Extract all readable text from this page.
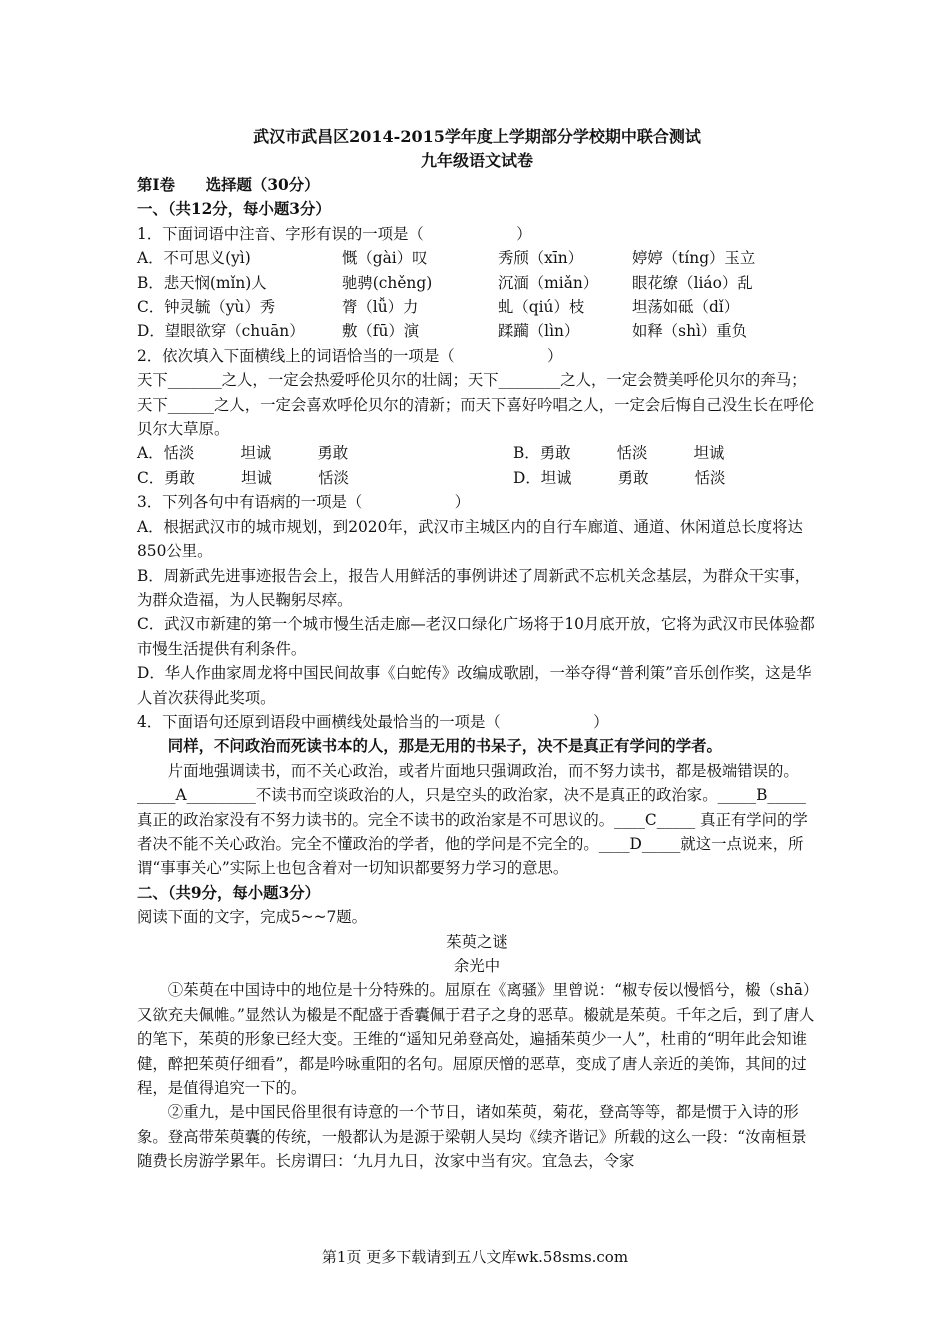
武汉市武昌区2014-2015学年度上学期部分学校期中联合测试
九年级语文试卷

第Ⅰ卷　　选择题（30分）

一、（共12分，每小题3分）

1．下面词语中注音、字形有误的一项是（　　　　　　）

A．不可思义(yì)	慨（gài）叹	秀颀（xīn）	婷婷（tíng）玉立
B．悲天悯(mǐn)人	驰骋(chěng)	沉湎（miǎn）	眼花缭（liáo）乱
C．钟灵毓（yù）秀	膂（lǚ）力	虬（qiú）枝	坦荡如砥（dǐ）
D．望眼欲穿（chuān）	敷（fū）演	蹂躏（lìn）	如释（shì）重负

2．依次填入下面横线上的词语恰当的一项是（　　　　　　）

天下_______之人，一定会热爱呼伦贝尔的壮阔；天下________之人，一定会赞美呼伦贝尔的奔马；天下______之人，一定会喜欢呼伦贝尔的清新；而天下喜好吟唱之人，一定会后悔自己没生长在呼伦贝尔大草原。

A．恬淡　　　坦诚　　　勇敢	B．勇敢　　　恬淡　　　坦诚
C．勇敢　　　坦诚　　　恬淡	D．坦诚　　　勇敢　　　恬淡

3．下列各句中有语病的一项是（　　　　　　）

A．根据武汉市的城市规划，到2020年，武汉市主城区内的自行车廊道、通道、休闲道总长度将达850公里。

B．周新武先进事迹报告会上，报告人用鲜活的事例讲述了周新武不忘机关念基层，为群众干实事，为群众造福，为人民鞠躬尽瘁。

C．武汉市新建的第一个城市慢生活走廊—老汉口绿化广场将于10月底开放，它将为武汉市民体验都市慢生活提供有利条件。

D．华人作曲家周龙将中国民间故事《白蛇传》改编成歌剧，一举夺得“普利策”音乐创作奖，这是华人首次获得此奖项。

4．下面语句还原到语段中画横线处最恰当的一项是（　　　　　　）

同样，不问政治而死读书本的人，那是无用的书呆子，决不是真正有学问的学者。

片面地强调读书，而不关心政治，或者片面地只强调政治，而不努力读书，都是极端错误的。_____A_________不读书而空谈政治的人，只是空头的政治家，决不是真正的政治家。_____B_____真正的政治家没有不努力读书的。完全不读书的政治家是不可思议的。____C_____ 真正有学问的学者决不能不关心政治。完全不懂政治的学者，他的学问是不完全的。____D_____就这一点说来，所谓“事事关心”实际上也包含着对一切知识都要努力学习的意思。

二、（共9分，每小题3分）

阅读下面的文字，完成5~~7题。

茱萸之谜

余光中

①茱萸在中国诗中的地位是十分特殊的。屈原在《离骚》里曾说：“椒专佞以慢慆兮，榝（shā）又欲充夫佩帷。”显然认为榝是不配盛于香囊佩于君子之身的恶草。榝就是茱萸。千年之后，到了唐人的笔下，茱萸的形象已经大变。王维的“遥知兄弟登高处，遍插茱萸少一人”，杜甫的“明年此会知谁健，醉把茱萸仔细看”，都是吟咏重阳的名句。屈原厌憎的恶草，变成了唐人亲近的美饰，其间的过程，是值得追究一下的。

②重九，是中国民俗里很有诗意的一个节日，诸如茱萸，菊花，登高等等，都是惯于入诗的形象。登高带茱萸囊的传统，一般都认为是源于梁朝人吴均《续齐谐记》所载的这么一段：“汝南桓景随费长房游学累年。长房谓曰：‘九月九日，汝家中当有灾。宜急去，令家

第1页 更多下载请到五八文库wk.58sms.com
